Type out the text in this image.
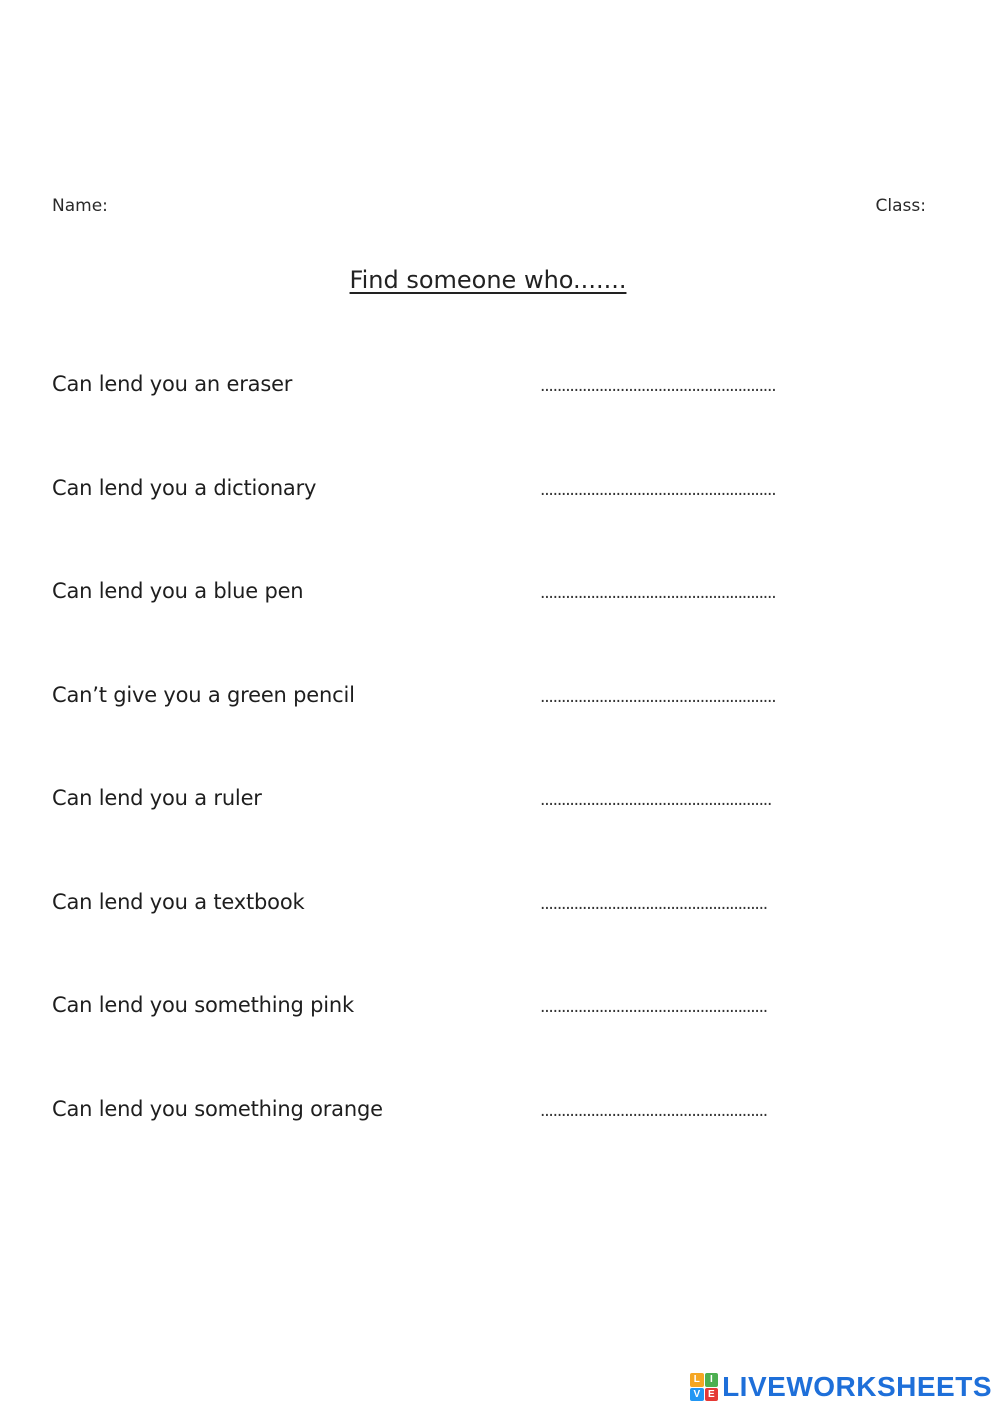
Name:	Class:
Find someone who.......
Can lend you an eraser	........................................................
Can lend you a dictionary	........................................................
Can lend you a blue pen	........................................................
Can’t give you a green pencil	........................................................
Can lend you a ruler	.......................................................
Can lend you a textbook	......................................................
Can lend you something pink	......................................................
Can lend you something orange	......................................................
L	I
V E LIVEWORKSHEETS
